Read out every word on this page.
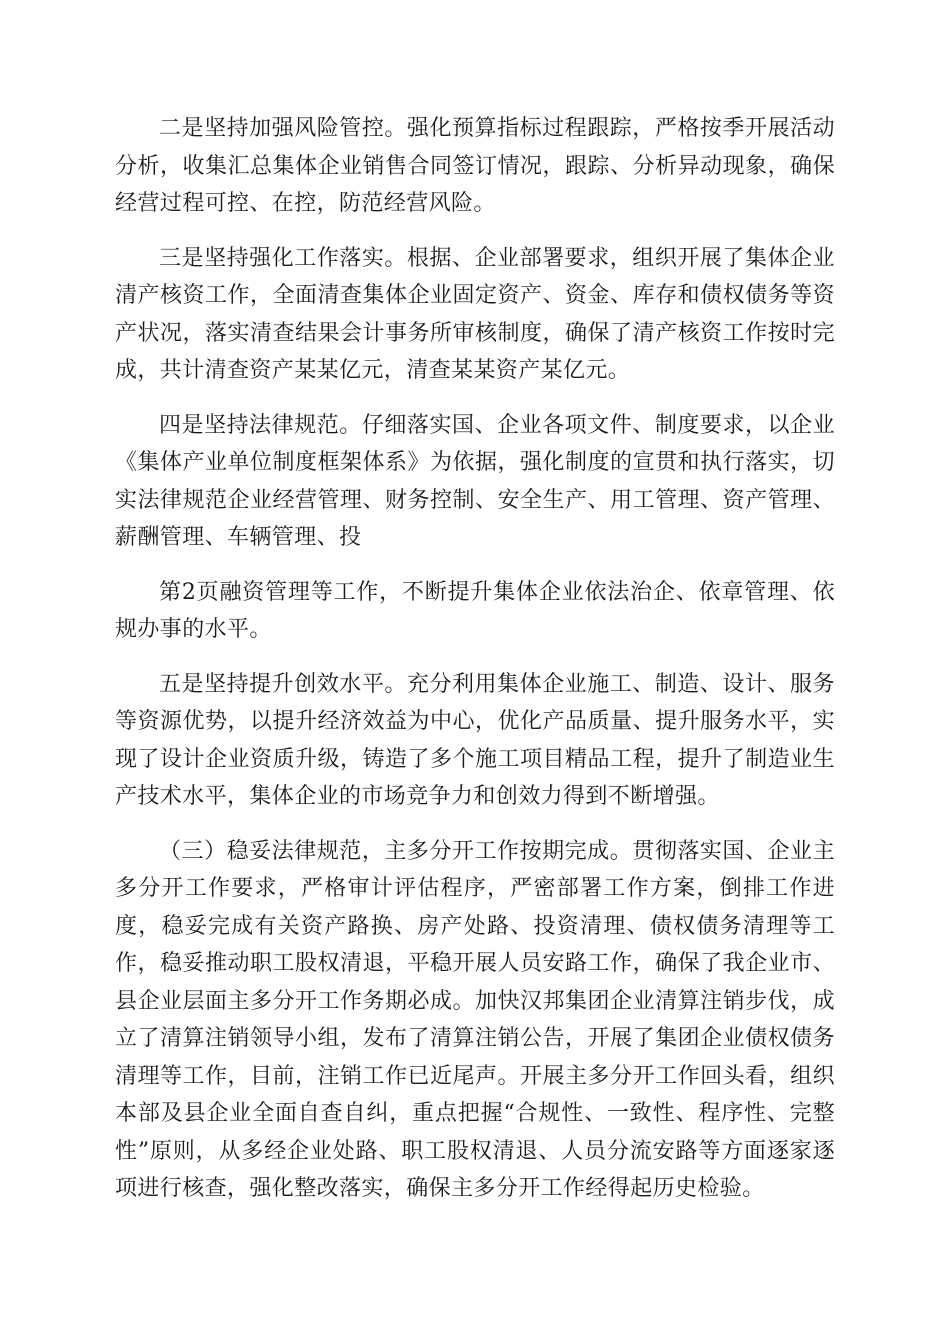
二是坚持加强风险管控。强化预算指标过程跟踪，严格按季开展活动分析，收集汇总集体企业销售合同签订情况，跟踪、分析异动现象，确保经营过程可控、在控，防范经营风险。

三是坚持强化工作落实。根据、企业部署要求，组织开展了集体企业清产核资工作，全面清查集体企业固定资产、资金、库存和债权债务等资产状况，落实清查结果会计事务所审核制度，确保了清产核资工作按时完成，共计清查资产某某亿元，清查某某资产某亿元。

四是坚持法律规范。仔细落实国、企业各项文件、制度要求，以企业《集体产业单位制度框架体系》为依据，强化制度的宣贯和执行落实，切实法律规范企业经营管理、财务控制、安全生产、用工管理、资产管理、薪酬管理、车辆管理、投

第2页融资管理等工作，不断提升集体企业依法治企、依章管理、依规办事的水平。

五是坚持提升创效水平。充分利用集体企业施工、制造、设计、服务等资源优势，以提升经济效益为中心，优化产品质量、提升服务水平，实现了设计企业资质升级，铸造了多个施工项目精品工程，提升了制造业生产技术水平，集体企业的市场竞争力和创效力得到不断增强。

（三）稳妥法律规范，主多分开工作按期完成。贯彻落实国、企业主多分开工作要求，严格审计评估程序，严密部署工作方案，倒排工作进度，稳妥完成有关资产路换、房产处路、投资清理、债权债务清理等工作，稳妥推动职工股权清退，平稳开展人员安路工作，确保了我企业市、县企业层面主多分开工作务期必成。加快汉邦集团企业清算注销步伐，成立了清算注销领导小组，发布了清算注销公告，开展了集团企业债权债务清理等工作，目前，注销工作已近尾声。开展主多分开工作回头看，组织本部及县企业全面自查自纠，重点把握“合规性、一致性、程序性、完整性”原则，从多经企业处路、职工股权清退、人员分流安路等方面逐家逐项进行核查，强化整改落实，确保主多分开工作经得起历史检验。
